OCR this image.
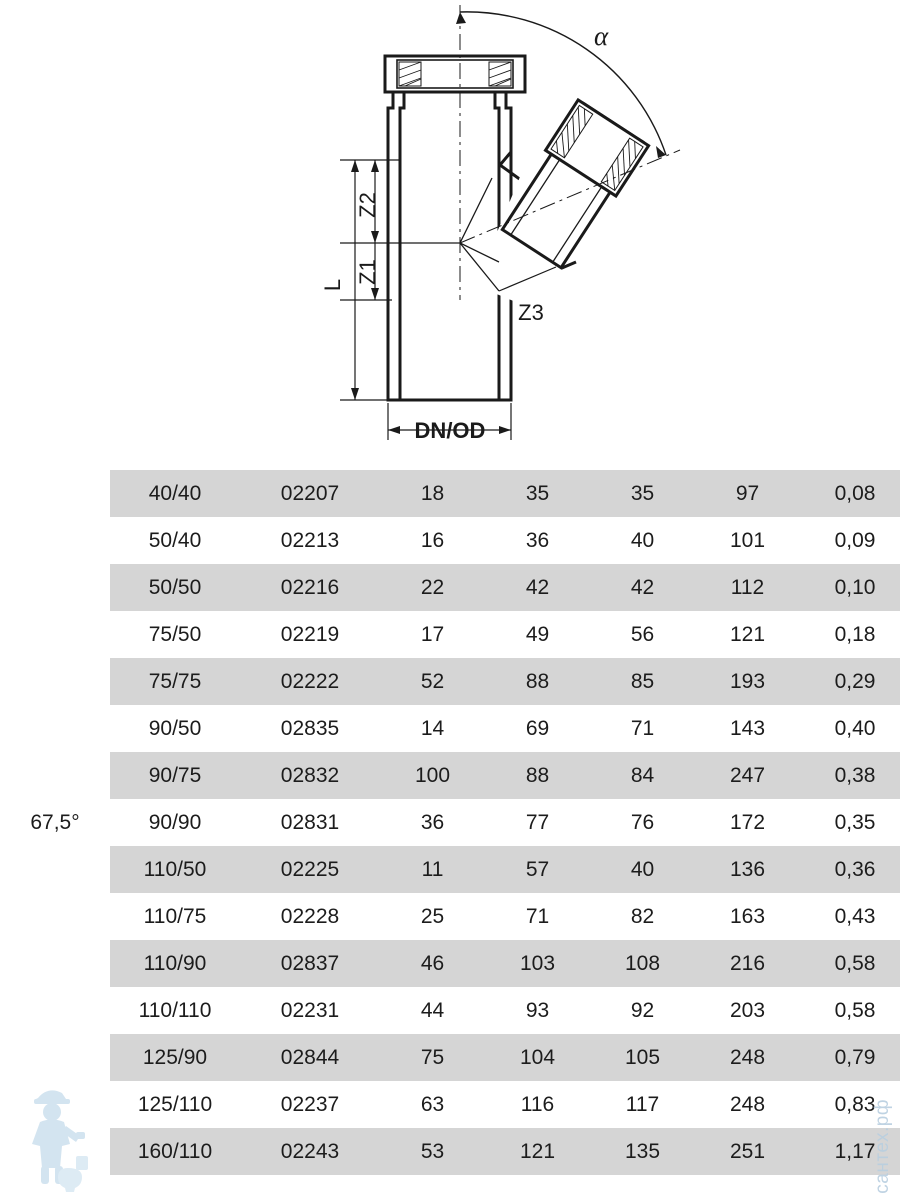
α
Z2
Z1
L
Z3
DN/OD
67,5°	40/40	02207	18	35	35	97	0,08
	50/40	02213	16	36	40	101	0,09
	50/50	02216	22	42	42	112	0,10
	75/50	02219	17	49	56	121	0,18
	75/75	02222	52	88	85	193	0,29
	90/50	02835	14	69	71	143	0,40
	90/75	02832	100	88	84	247	0,38
	90/90	02831	36	77	76	172	0,35
	110/50	02225	11	57	40	136	0,36
	110/75	02228	25	71	82	163	0,43
	110/90	02837	46	103	108	216	0,58
	110/110	02231	44	93	92	203	0,58
	125/90	02844	75	104	105	248	0,79
	125/110	02237	63	116	117	248	0,83
	160/110	02243	53	121	135	251	1,17
сантех.рф
